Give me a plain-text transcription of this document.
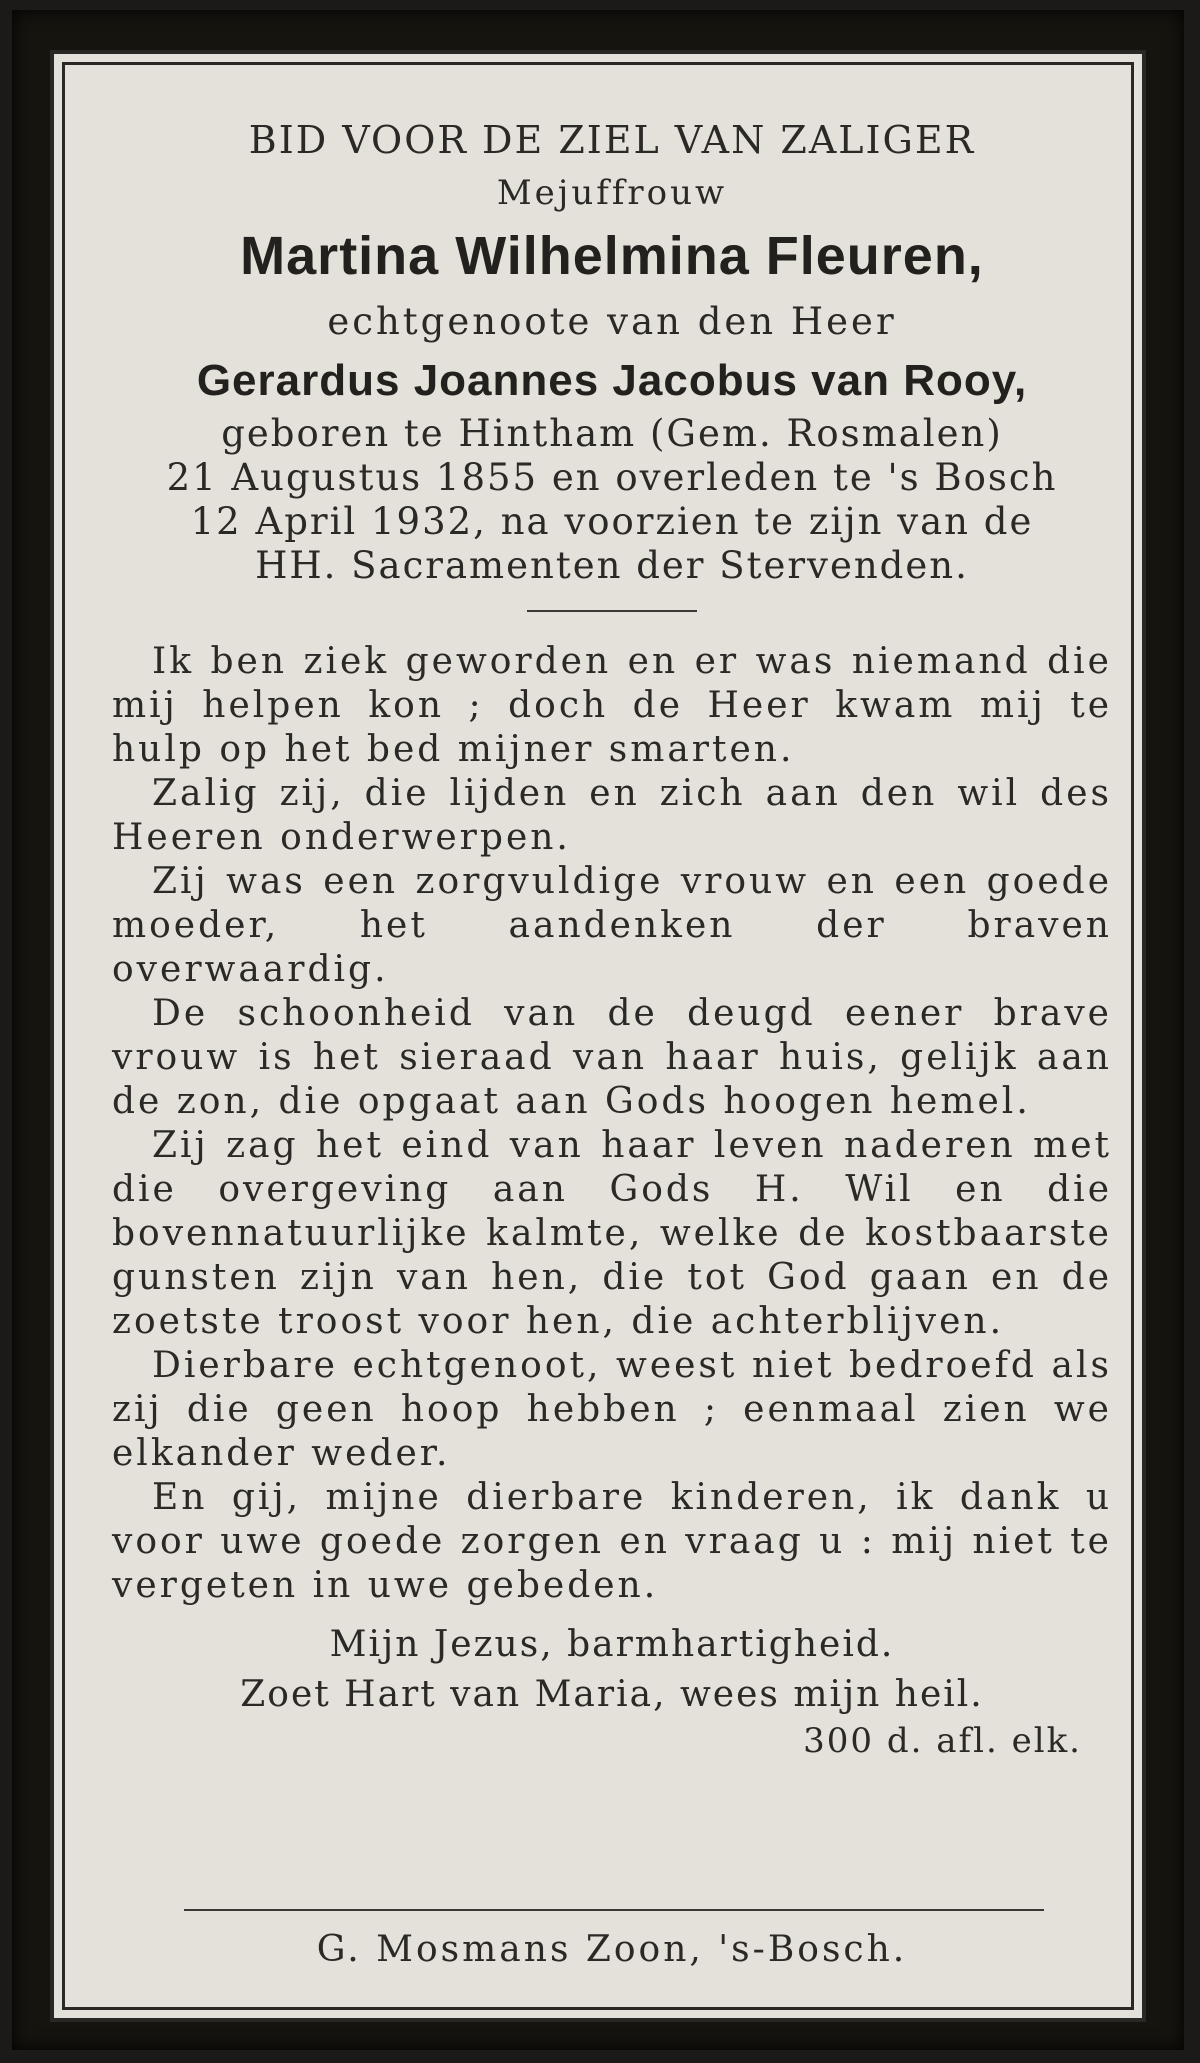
BID VOOR DE ZIEL VAN ZALIGER
Mejuffrouw
Martina Wilhelmina Fleuren,
echtgenoote van den Heer
Gerardus Joannes Jacobus van Rooy,
geboren te Hintham (Gem. Rosmalen)
21 Augustus 1855 en overleden te 's Bosch
12 April 1932, na voorzien te zijn van de
HH. Sacramenten der Stervenden.

Ik ben ziek geworden en er was niemand die mij helpen kon ; doch de Heer kwam mij te hulp op het bed mijner smarten.

Zalig zij, die lijden en zich aan den wil des Heeren onderwerpen.

Zij was een zorgvuldige vrouw en een goede moeder, het aandenken der braven overwaardig.

De schoonheid van de deugd eener brave vrouw is het sieraad van haar huis, gelijk aan de zon, die opgaat aan Gods hoogen hemel.

Zij zag het eind van haar leven naderen met die overgeving aan Gods H. Wil en die bovennatuurlijke kalmte, welke de kostbaarste gunsten zijn van hen, die tot God gaan en de zoetste troost voor hen, die achterblijven.

Dierbare echtgenoot, weest niet bedroefd als zij die geen hoop hebben ; eenmaal zien we elkander weder.

En gij, mijne dierbare kinderen, ik dank u voor uwe goede zorgen en vraag u : mij niet te vergeten in uwe gebeden.

Mijn Jezus, barmhartigheid.
Zoet Hart van Maria, wees mijn heil.
300 d. afl. elk.
G. Mosmans Zoon, 's-Bosch.
